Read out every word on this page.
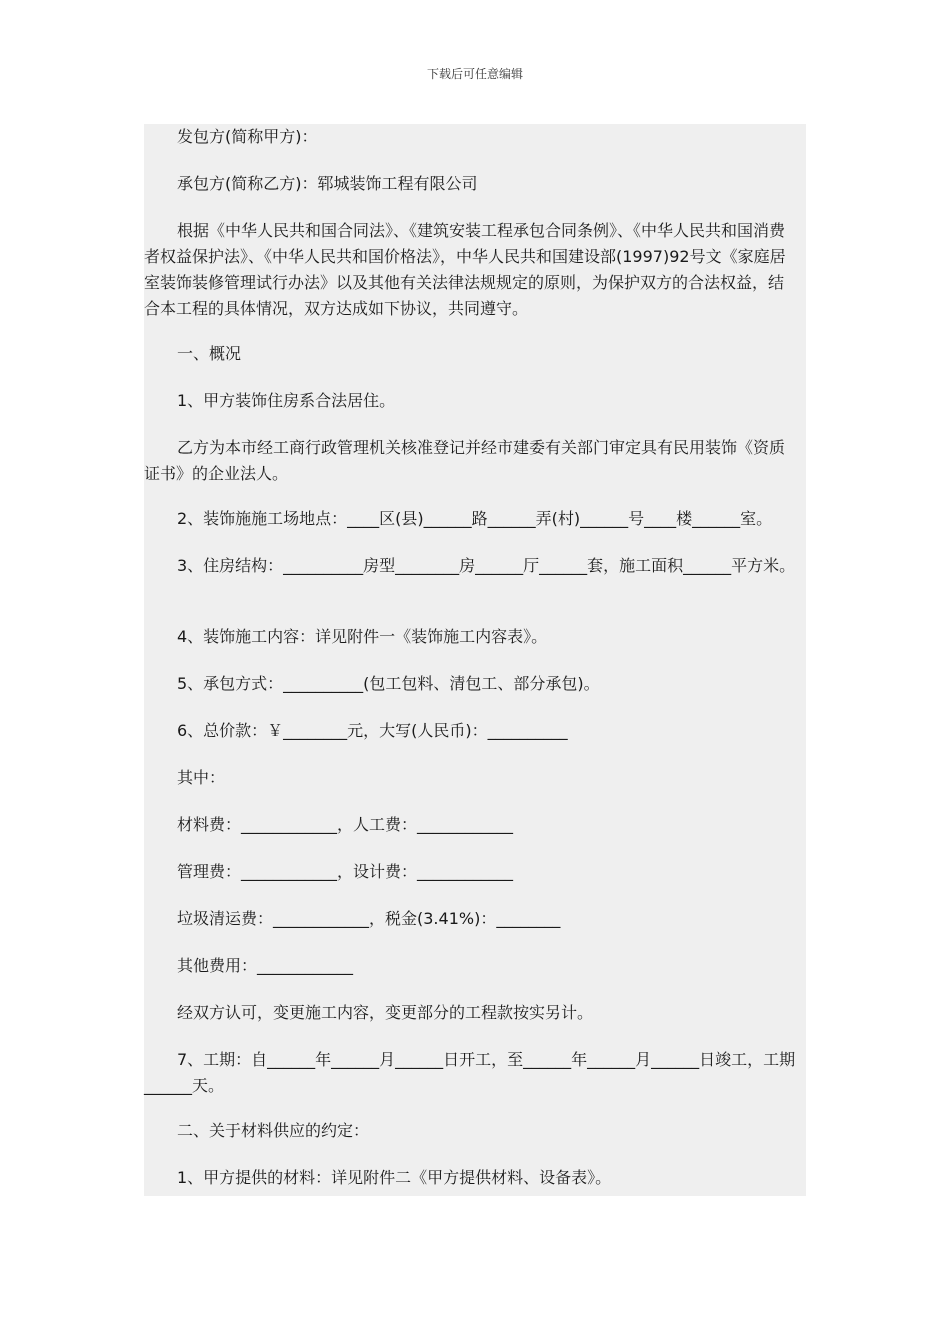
下载后可任意编辑

发包方(简称甲方)：

承包方(简称乙方)：郓城装饰工程有限公司

根据《中华人民共和国合同法》、《建筑安装工程承包合同条例》、《中华人民共和国消费者权益保护法》、《中华人民共和国价格法》，中华人民共和国建设部(1997)92号文《家庭居室装饰装修管理试行办法》以及其他有关法律法规规定的原则，为保护双方的合法权益，结合本工程的具体情况，双方达成如下协议，共同遵守。

一、概况

1、甲方装饰住房系合法居住。

乙方为本市经工商行政管理机关核准登记并经市建委有关部门审定具有民用装饰《资质证书》的企业法人。

2、装饰施施工场地点：____区(县)______路______弄(村)______号____楼______室。

3、住房结构：__________房型________房______厅______套，施工面积______平方米。

4、装饰施工内容：详见附件一《装饰施工内容表》。

5、承包方式：__________(包工包料、清包工、部分承包)。

6、总价款：￥________元，大写(人民币)：__________

其中：

材料费：____________，人工费：____________

管理费：____________，设计费：____________

垃圾清运费：____________，税金(3.41%)：________

其他费用：____________

经双方认可，变更施工内容，变更部分的工程款按实另计。

7、工期：自______年______月______日开工，至______年______月______日竣工，工期______天。

二、关于材料供应的约定：

1、甲方提供的材料：详见附件二《甲方提供材料、设备表》。
